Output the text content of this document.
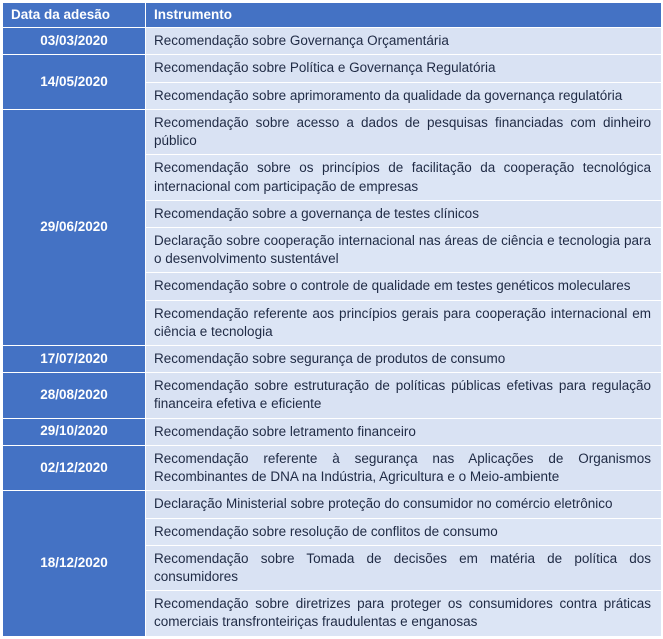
Data da adesão	Instrumento
03/03/2020	Recomendação sobre Governança Orçamentária
14/05/2020	Recomendação sobre Política e Governança Regulatória
	Recomendação sobre aprimoramento da qualidade da governança regulatória
29/06/2020	Recomendação sobre acesso a dados de pesquisas financiadas com dinheiro público
	Recomendação sobre os princípios de facilitação da cooperação tecnológica internacional com participação de empresas
	Recomendação sobre a governança de testes clínicos
	Declaração sobre cooperação internacional nas áreas de ciência e tecnologia para o desenvolvimento sustentável
	Recomendação sobre o controle de qualidade em testes genéticos moleculares
	Recomendação referente aos princípios gerais para cooperação internacional em ciência e tecnologia
17/07/2020	Recomendação sobre segurança de produtos de consumo
28/08/2020	Recomendação sobre estruturação de políticas públicas efetivas para regulação financeira efetiva e eficiente
29/10/2020	Recomendação sobre letramento financeiro
02/12/2020	Recomendação referente à segurança nas Aplicações de Organismos Recombinantes de DNA na Indústria, Agricultura e o Meio-ambiente
18/12/2020	Declaração Ministerial sobre proteção do consumidor no comércio eletrônico
	Recomendação sobre resolução de conflitos de consumo
	Recomendação sobre Tomada de decisões em matéria de política dos consumidores
	Recomendação sobre diretrizes para proteger os consumidores contra práticas comerciais transfronteiriças fraudulentas e enganosas
